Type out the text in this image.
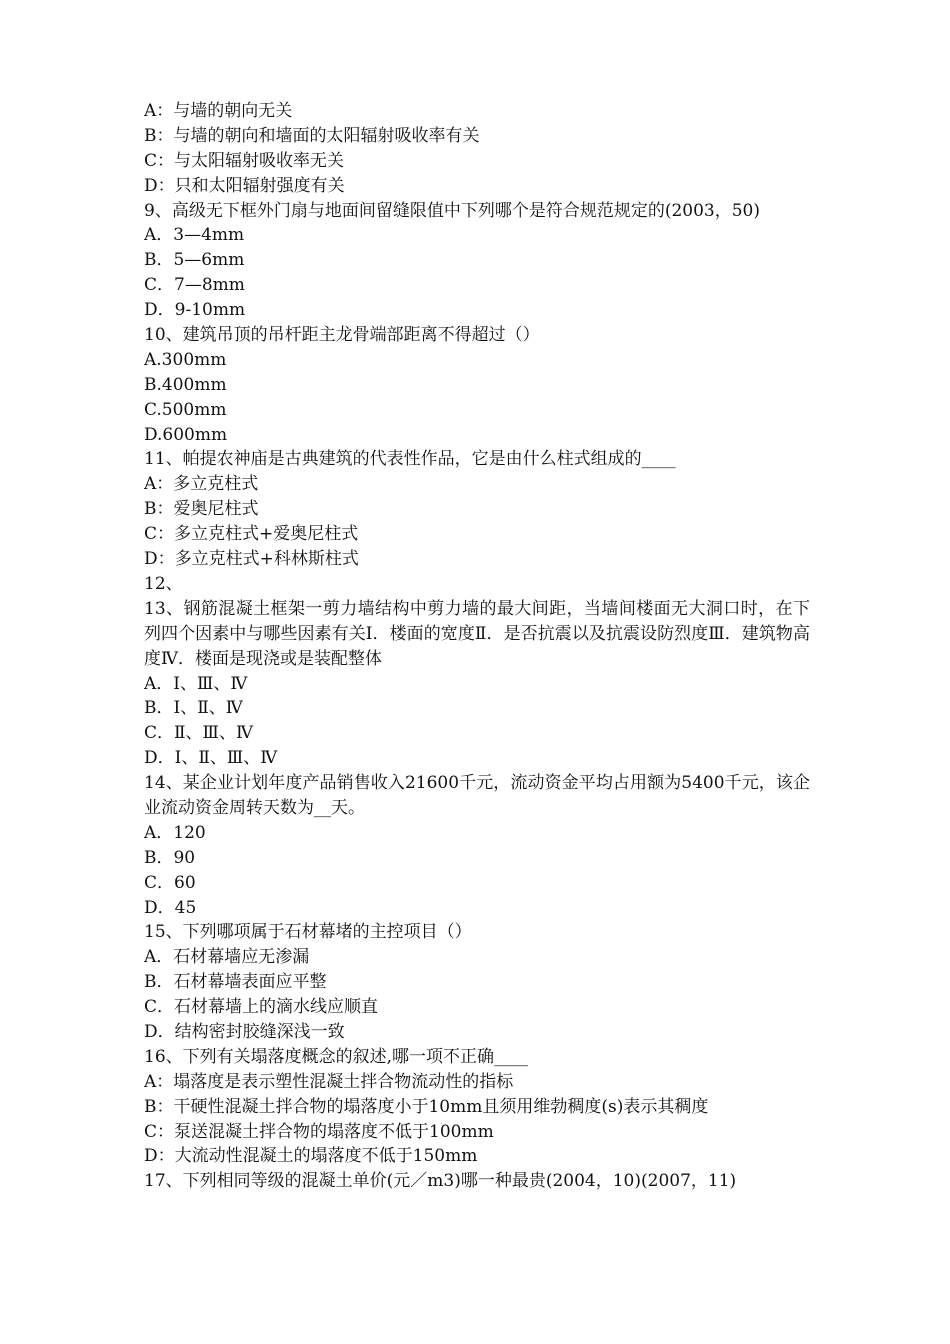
A：与墙的朝向无关
B：与墙的朝向和墙面的太阳辐射吸收率有关
C：与太阳辐射吸收率无关
D：只和太阳辐射强度有关
9、高级无下框外门扇与地面间留缝限值中下列哪个是符合规范规定的(2003，50)
A．3—4mm
B．5—6mm
C．7—8mm
D．9-10mm
10、建筑吊顶的吊杆距主龙骨端部距离不得超过（）
A.300mm
B.400mm
C.500mm
D.600mm
11、帕提农神庙是古典建筑的代表性作品，它是由什么柱式组成的____
A：多立克柱式
B：爱奥尼柱式
C：多立克柱式+爱奥尼柱式
D：多立克柱式+科林斯柱式
12、
13、钢筋混凝土框架一剪力墙结构中剪力墙的最大间距，当墙间楼面无大洞口时，在下列四个因素中与哪些因素有关Ⅰ．楼面的宽度Ⅱ．是否抗震以及抗震设防烈度Ⅲ．建筑物高度Ⅳ．楼面是现浇或是装配整体
A．Ⅰ、Ⅲ、Ⅳ
B．Ⅰ、Ⅱ、Ⅳ
C．Ⅱ、Ⅲ、Ⅳ
D．Ⅰ、Ⅱ、Ⅲ、Ⅳ
14、某企业计划年度产品销售收入21600千元，流动资金平均占用额为5400千元，该企业流动资金周转天数为__天。
A．120
B．90
C．60
D．45
15、下列哪项属于石材幕堵的主控项目（）
A．石材幕墙应无渗漏
B．石材幕墙表面应平整
C．石材幕墙上的滴水线应顺直
D．结构密封胶缝深浅一致
16、下列有关塌落度概念的叙述,哪一项不正确____
A：塌落度是表示塑性混凝土拌合物流动性的指标
B：干硬性混凝土拌合物的塌落度小于10mm且须用维勃稠度(s)表示其稠度
C：泵送混凝土拌合物的塌落度不低于100mm
D：大流动性混凝土的塌落度不低于150mm
17、下列相同等级的混凝土单价(元／m3)哪一种最贵(2004，10)(2007，11)
